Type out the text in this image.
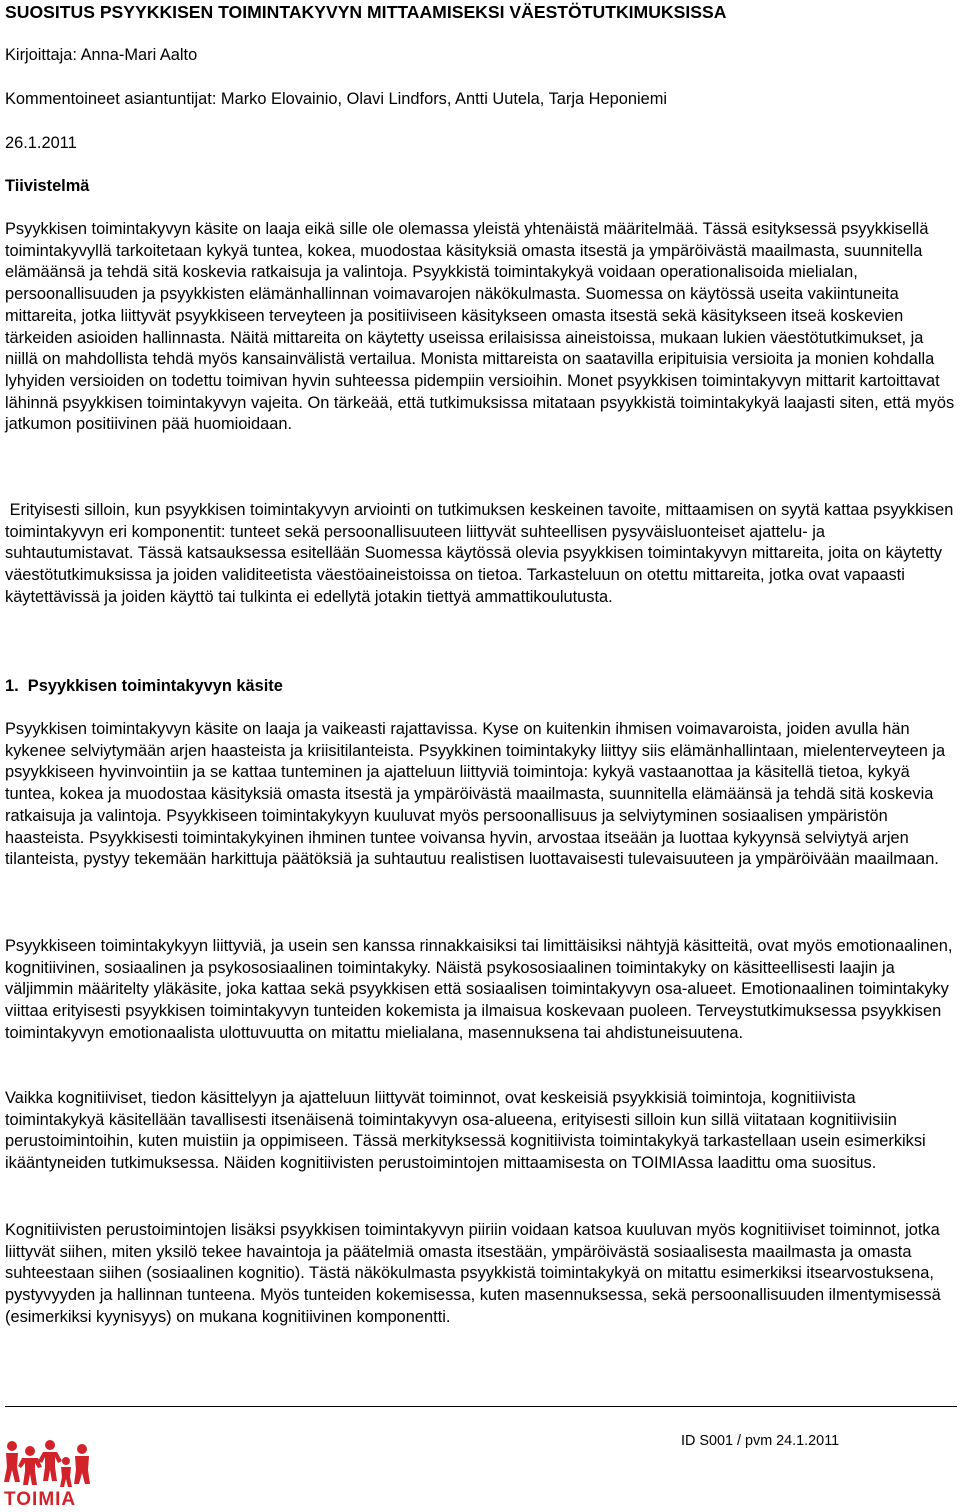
SUOSITUS PSYYKKISEN TOIMINTAKYVYN MITTAAMISEKSI VÄESTÖTUTKIMUKSISSA

Kirjoittaja: Anna-Mari Aalto

Kommentoineet asiantuntijat: Marko Elovainio, Olavi Lindfors, Antti Uutela, Tarja Heponiemi

26.1.2011

Tiivistelmä

Psyykkisen toimintakyvyn käsite on laaja eikä sille ole olemassa yleistä yhtenäistä määritelmää. Tässä esityksessä psyykkisellä toimintakyvyllä tarkoitetaan kykyä tuntea, kokea, muodostaa käsityksiä omasta itsestä ja ympäröivästä maailmasta, suunnitella elämäänsä ja tehdä sitä koskevia ratkaisuja ja valintoja. Psyykkistä toimintakykyä voidaan operationalisoida mielialan, persoonallisuuden ja psyykkisten elämänhallinnan voimavarojen näkökulmasta. Suomessa on käytössä useita vakiintuneita mittareita, jotka liittyvät psyykkiseen terveyteen ja positiiviseen käsitykseen omasta itsestä sekä käsitykseen itseä koskevien tärkeiden asioiden hallinnasta. Näitä mittareita on käytetty useissa erilaisissa aineistoissa, mukaan lukien väestötutkimukset, ja niillä on mahdollista tehdä myös kansainvälistä vertailua. Monista mittareista on saatavilla eripituisia versioita ja monien kohdalla lyhyiden versioiden on todettu toimivan hyvin suhteessa pidempiin versioihin. Monet psyykkisen toimintakyvyn mittarit kartoittavat lähinnä psyykkisen toimintakyvyn vajeita. On tärkeää, että tutkimuksissa mitataan psyykkistä toimintakykyä laajasti siten, että myös jatkumon positiivinen pää huomioidaan.

Erityisesti silloin, kun psyykkisen toimintakyvyn arviointi on tutkimuksen keskeinen tavoite, mittaamisen on syytä kattaa psyykkisen toimintakyvyn eri komponentit: tunteet sekä persoonallisuuteen liittyvät suhteellisen pysyväisluonteiset ajattelu- ja suhtautumistavat. Tässä katsauksessa esitellään Suomessa käytössä olevia psyykkisen toimintakyvyn mittareita, joita on käytetty väestötutkimuksissa ja joiden validiteetista väestöaineistoissa on tietoa. Tarkasteluun on otettu mittareita, jotka ovat vapaasti käytettävissä ja joiden käyttö tai tulkinta ei edellytä jotakin tiettyä ammattikoulutusta.

1.  Psyykkisen toimintakyvyn käsite

Psyykkisen toimintakyvyn käsite on laaja ja vaikeasti rajattavissa. Kyse on kuitenkin ihmisen voimavaroista, joiden avulla hän kykenee selviytymään arjen haasteista ja kriisitilanteista. Psyykkinen toimintakyky liittyy siis elämänhallintaan, mielenterveyteen ja psyykkiseen hyvinvointiin ja se kattaa tunteminen ja ajatteluun liittyviä toimintoja: kykyä vastaanottaa ja käsitellä tietoa, kykyä tuntea, kokea ja muodostaa käsityksiä omasta itsestä ja ympäröivästä maailmasta, suunnitella elämäänsä ja tehdä sitä koskevia ratkaisuja ja valintoja. Psyykkiseen toimintakykyyn kuuluvat myös persoonallisuus ja selviytyminen sosiaalisen ympäristön haasteista. Psyykkisesti toimintakykyinen ihminen tuntee voivansa hyvin, arvostaa itseään ja luottaa kykyynsä selviytyä arjen tilanteista, pystyy tekemään harkittuja päätöksiä ja suhtautuu realistisen luottavaisesti tulevaisuuteen ja ympäröivään maailmaan.

Psyykkiseen toimintakykyyn liittyviä, ja usein sen kanssa rinnakkaisiksi tai limittäisiksi nähtyjä käsitteitä, ovat myös emotionaalinen, kognitiivinen, sosiaalinen ja psykososiaalinen toimintakyky. Näistä psykososiaalinen toimintakyky on käsitteellisesti laajin ja väljimmin määritelty yläkäsite, joka kattaa sekä psyykkisen että sosiaalisen toimintakyvyn osa-alueet. Emotionaalinen toimintakyky viittaa erityisesti psyykkisen toimintakyvyn tunteiden kokemista ja ilmaisua koskevaan puoleen. Terveystutkimuksessa psyykkisen toimintakyvyn emotionaalista ulottuvuutta on mitattu mielialana, masennuksena tai ahdistuneisuutena.

Vaikka kognitiiviset, tiedon käsittelyyn ja ajatteluun liittyvät toiminnot, ovat keskeisiä psyykkisiä toimintoja, kognitiivista toimintakykyä käsitellään tavallisesti itsenäisenä toimintakyvyn osa-alueena, erityisesti silloin kun sillä viitataan kognitiivisiin perustoimintoihin, kuten muistiin ja oppimiseen. Tässä merkityksessä kognitiivista toimintakykyä tarkastellaan usein esimerkiksi ikääntyneiden tutkimuksessa. Näiden kognitiivisten perustoimintojen mittaamisesta on TOIMIAssa laadittu oma suositus.

Kognitiivisten perustoimintojen lisäksi psyykkisen toimintakyvyn piiriin voidaan katsoa kuuluvan myös kognitiiviset toiminnot, jotka liittyvät siihen, miten yksilö tekee havaintoja ja päätelmiä omasta itsestään, ympäröivästä sosiaalisesta maailmasta ja omasta suhteestaan siihen (sosiaalinen kognitio). Tästä näkökulmasta psyykkistä toimintakykyä on mitattu esimerkiksi itsearvostuksena, pystyvyyden ja hallinnan tunteena. Myös tunteiden kokemisessa, kuten masennuksessa, sekä persoonallisuuden ilmentymisessä (esimerkiksi kyynisyys) on mukana kognitiivinen komponentti.

ID S001 / pvm 24.1.2011

TOIMIA
